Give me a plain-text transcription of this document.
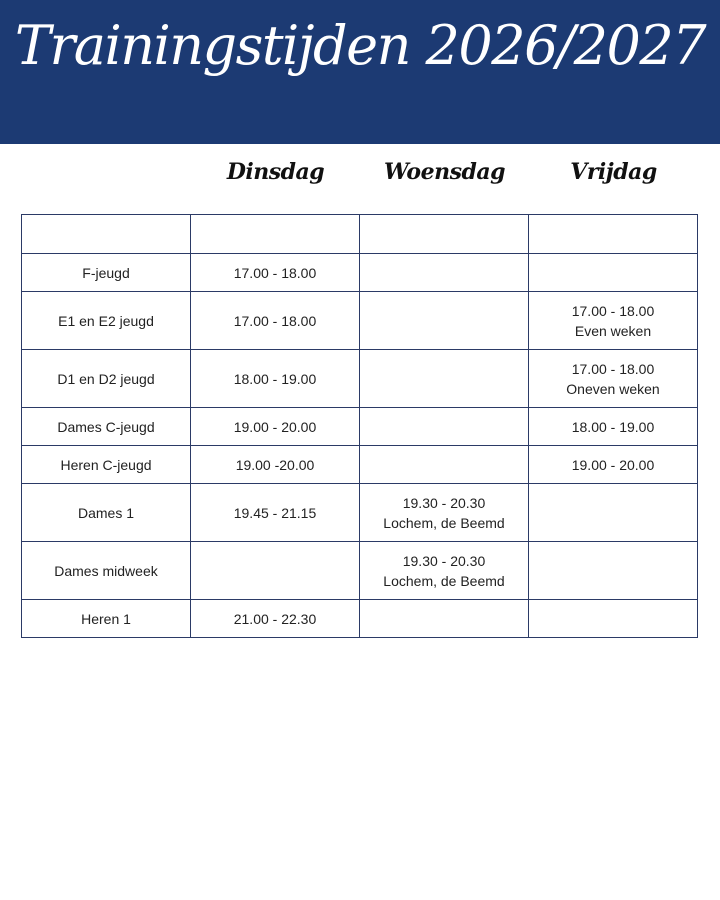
Trainingstijden 2026/2027
Dinsdag	Woensdag	Vrijdag

F-jeugd	17.00 - 18.00		
E1 en E2 jeugd	17.00 - 18.00		17.00 - 18.00
Even weken

D1 en D2 jeugd	18.00 - 19.00		17.00 - 18.00
Oneven weken

Dames C-jeugd	19.00 - 20.00		18.00 - 19.00

Heren C-jeugd	19.00 -20.00		19.00 - 20.00

Dames 1	19.45 - 21.15	19.30 - 20.30
Lochem, de Beemd	

Dames midweek		19.30 - 20.30
Lochem, de Beemd	

Heren 1	21.00 - 22.30		
